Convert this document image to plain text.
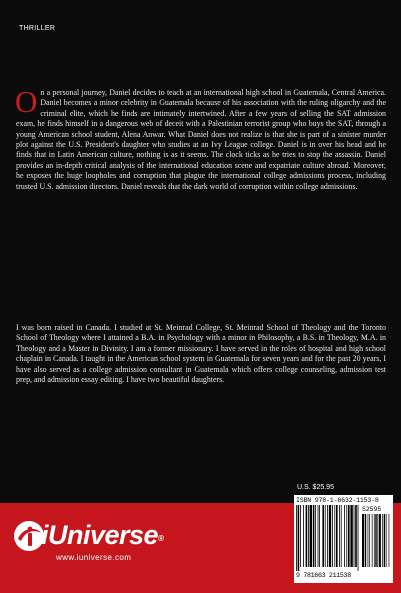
THRILLER

On a personal journey, Daniel decides to teach at an international high school in Guatemala, Central America. Daniel becomes a minor celebrity in Guatemala because of his association with the ruling oligarchy and the criminal elite, which he finds are intimately intertwined. After a few years of selling the SAT admission exam, he finds himself in a dangerous web of deceit with a Palestinian terrorist group who buys the SAT, through a young American school student, Alena Anwar. What Daniel does not realize is that she is part of a sinister murder plot against the U.S. President's daughter who studies at an Ivy League college. Daniel is in over his head and he finds that in Latin American culture, nothing is as it seems. The clock ticks as he tries to stop the assassin. Daniel provides an in-depth critical analysis of the international education scene and expatriate culture abroad. Moreover, he exposes the huge loopholes and corruption that plague the international college admissions process, including trusted U.S. admission directors. Daniel reveals that the dark world of corruption within college admissions.

I was born raised in Canada. I studied at St. Meinrad College, St. Meinrad School of Theology and the Toronto School of Theology where I attained a B.A. in Psychology with a minor in Philosophy, a B.S. in Theology, M.A. in Theology and a Master in Divinity. I am a former missionary. I have served in the roles of hospital and high school chaplain in Canada. I taught in the American school system in Guatemala for seven years and for the past 20 years, I have also served as a college admission consultant in Guatemala which offers college counseling, admission test prep, and admission essay editing. I have two beautiful daughters.

iUniverse®
www.iuniverse.com
U.S. $25.95
ISBN 978-1-6632-1153-8
52595
9 781663 211538
